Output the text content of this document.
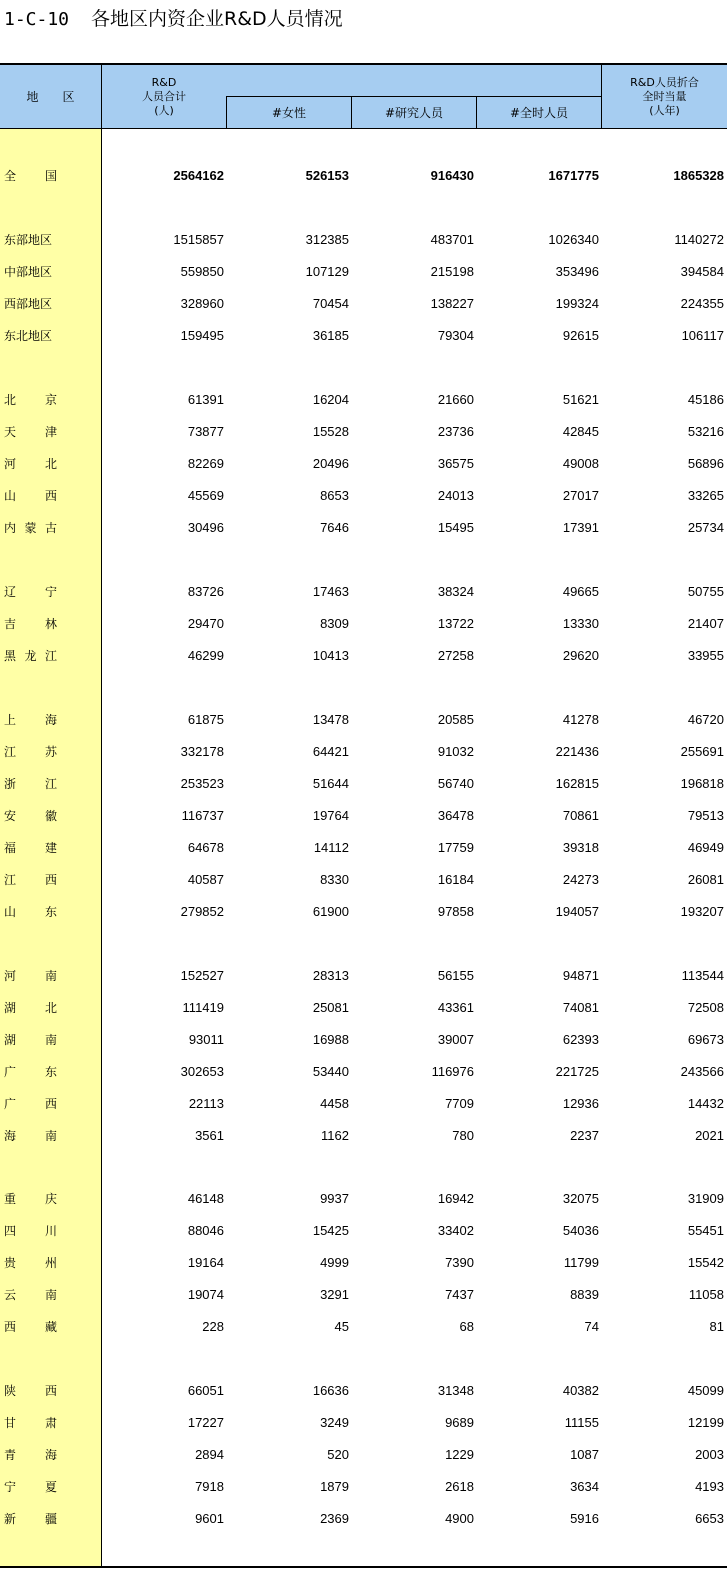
1-C-10 各地区内资企业R&D人员情况
地　　区
R&D
人员合计
(人)	#女性	#研究人员	#全时人员
R&D人员折合
全时当量
(人年)
全 国	2564162	526153	916430	1671775	1865328
东部地区	1515857	312385	483701	1026340	1140272
中部地区	559850	107129	215198	353496	394584
西部地区	328960	70454	138227	199324	224355
东北地区	159495	36185	79304	92615	106117
北 京	61391	16204	21660	51621	45186
天 津	73877	15528	23736	42845	53216
河 北	82269	20496	36575	49008	56896
山 西	45569	8653	24013	27017	33265
内 蒙 古	30496	7646	15495	17391	25734
辽 宁	83726	17463	38324	49665	50755
吉 林	29470	8309	13722	13330	21407
黑 龙 江	46299	10413	27258	29620	33955
上 海	61875	13478	20585	41278	46720
江 苏	332178	64421	91032	221436	255691
浙 江	253523	51644	56740	162815	196818
安 徽	116737	19764	36478	70861	79513
福 建	64678	14112	17759	39318	46949
江 西	40587	8330	16184	24273	26081
山 东	279852	61900	97858	194057	193207
河 南	152527	28313	56155	94871	113544
湖 北	111419	25081	43361	74081	72508
湖 南	93011	16988	39007	62393	69673
广 东	302653	53440	116976	221725	243566
广 西	22113	4458	7709	12936	14432
海 南	3561	1162	780	2237	2021
重 庆	46148	9937	16942	32075	31909
四 川	88046	15425	33402	54036	55451
贵 州	19164	4999	7390	11799	15542
云 南	19074	3291	7437	8839	11058
西 藏	228	45	68	74	81
陕 西	66051	16636	31348	40382	45099
甘 肃	17227	3249	9689	11155	12199
青 海	2894	520	1229	1087	2003
宁 夏	7918	1879	2618	3634	4193
新 疆	9601	2369	4900	5916	6653
